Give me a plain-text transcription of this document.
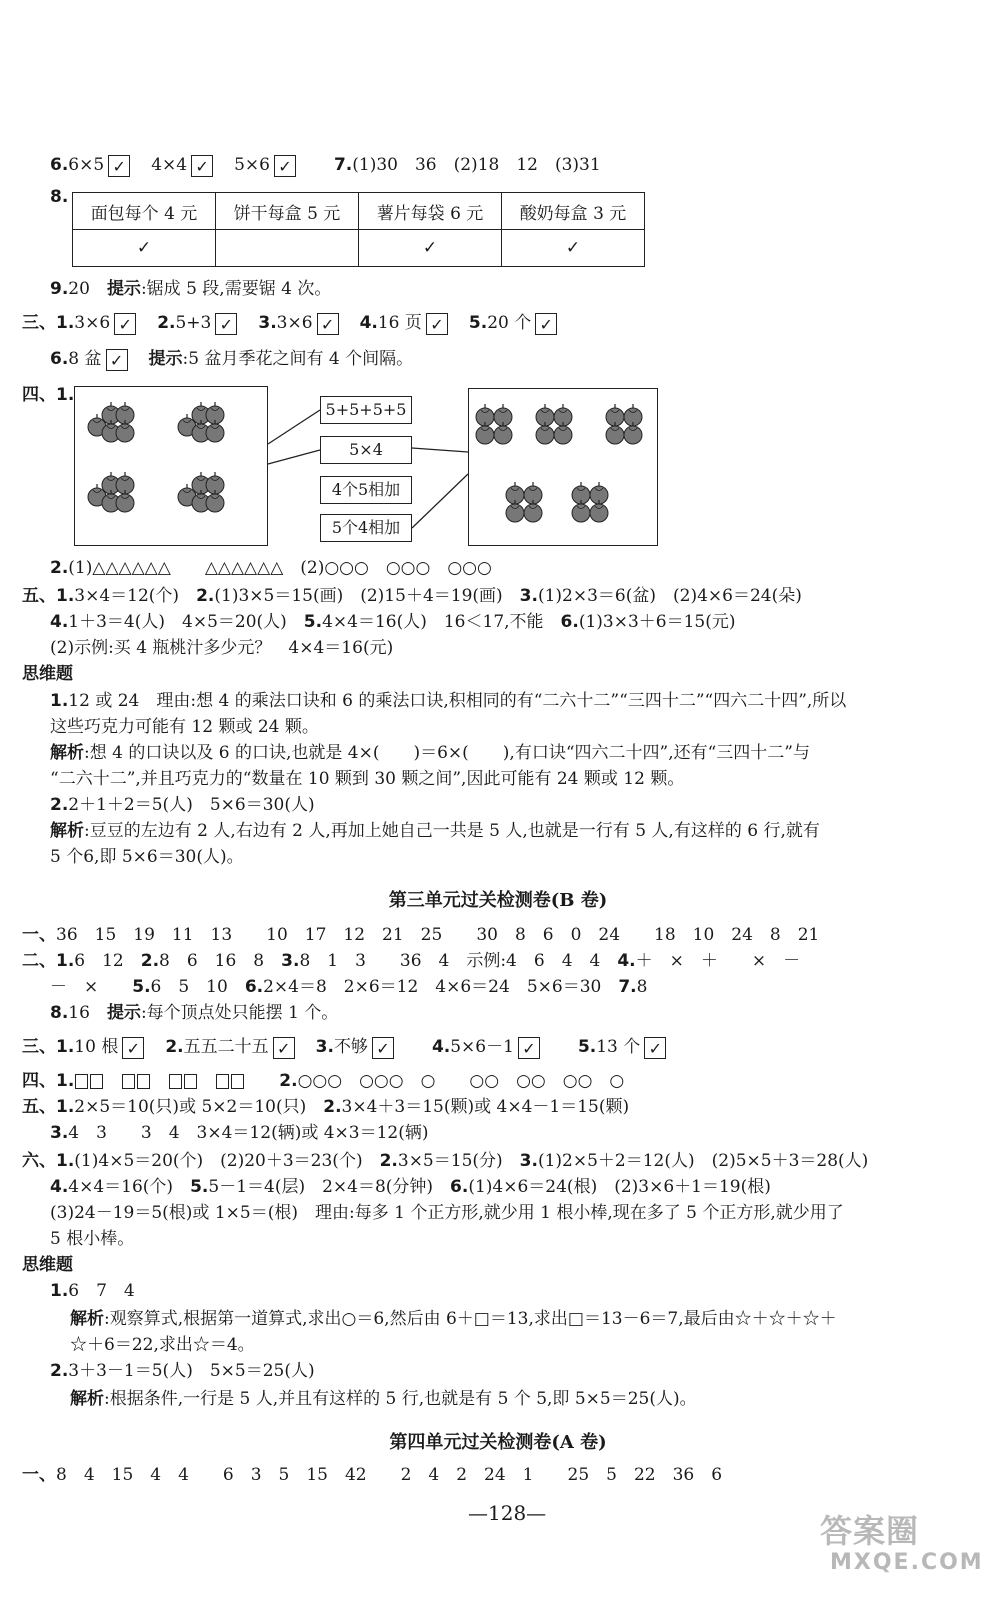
6.6×5 ✓　 4×4 ✓　 5×6 ✓　　 7.(1)30　36　(2)18　12　(3)31
8.
面包每个 4 元	饼干每盒 5 元	薯片每袋 6 元	酸奶每盒 3 元
✓		✓	✓
9.20　提示:锯成 5 段,需要锯 4 次。
三、1.3×6 ✓　 2.5+3 ✓　 3.3×6 ✓　 4.16 页 ✓　 5.20 个 ✓
6.8 盆 ✓　 提示:5 盆月季花之间有 4 个间隔。
四、1.
5+5+5+5
5×4
4个5相加
5个4相加
2.(1)△△△△△△　　△△△△△△　(2)○○○　○○○　○○○
五、1.3×4＝12(个)　2.(1)3×5＝15(画)　(2)15＋4＝19(画)　3.(1)2×3＝6(盆)　(2)4×6＝24(朵)
4.1＋3＝4(人)　4×5＝20(人)　5.4×4＝16(人)　16＜17,不能　6.(1)3×3＋6＝15(元)
(2)示例:买 4 瓶桃汁多少元？　4×4＝16(元)
思维题
1.12 或 24　理由:想 4 的乘法口诀和 6 的乘法口诀,积相同的有“二六十二”“三四十二”“四六二十四”,所以
这些巧克力可能有 12 颗或 24 颗。
解析:想 4 的口诀以及 6 的口诀,也就是 4×(　　)＝6×(　　),有口诀“四六二十四”,还有“三四十二”与
“二六十二”,并且巧克力的“数量在 10 颗到 30 颗之间”,因此可能有 24 颗或 12 颗。
2.2＋1＋2＝5(人)　5×6＝30(人)
解析:豆豆的左边有 2 人,右边有 2 人,再加上她自己一共是 5 人,也就是一行有 5 人,有这样的 6 行,就有
5 个6,即 5×6＝30(人)。
第三单元过关检测卷(B 卷)
一、36　15　19　11　13　　10　17　12　21　25　　30　8　6　0　24　　18　10　24　8　21
二、1.6　12　2.8　6　16　8　3.8　1　3　　36　4　示例:4　6　4　4　4.＋　×　＋　　×　－
－　×　　5.6　5　10　6.2×4＝8　2×6＝12　4×6＝24　5×6＝30　7.8
8.16　提示:每个顶点处只能摆 1 个。
三、1.10 根 ✓　 2.五五二十五 ✓　 3.不够 ✓　　 4.5×6－1 ✓　　 5.13 个 ✓
四、1.　　　　　	2.○○○　○○○　○　　○○　○○　○○　○
五、1.2×5＝10(只)或 5×2＝10(只)　2.3×4＋3＝15(颗)或 4×4－1＝15(颗)
3.4　3　　3　4　3×4＝12(辆)或 4×3＝12(辆)
六、1.(1)4×5＝20(个)　(2)20＋3＝23(个)　2.3×5＝15(分)　3.(1)2×5＋2＝12(人)　(2)5×5＋3＝28(人)
4.4×4＝16(个)　5.5－1＝4(层)　2×4＝8(分钟)　6.(1)4×6＝24(根)　(2)3×6＋1＝19(根)
(3)24－19＝5(根)或 1×5＝(根)　理由:每多 1 个正方形,就少用 1 根小棒,现在多了 5 个正方形,就少用了
5 根小棒。
思维题
1.6　7　4
解析:观察算式,根据第一道算式,求出○＝6,然后由 6＋□＝13,求出□＝13－6＝7,最后由☆＋☆＋☆＋
☆＋6＝22,求出☆＝4。
2.3＋3－1＝5(人)　5×5＝25(人)
解析:根据条件,一行是 5 人,并且有这样的 5 行,也就是有 5 个 5,即 5×5＝25(人)。
第四单元过关检测卷(A 卷)
一、8　4　15　4　4　　6　3　5　15　42　　2　4　2　24　1　　25　5　22　36　6
—128—	答案圈
MXQE.COM
